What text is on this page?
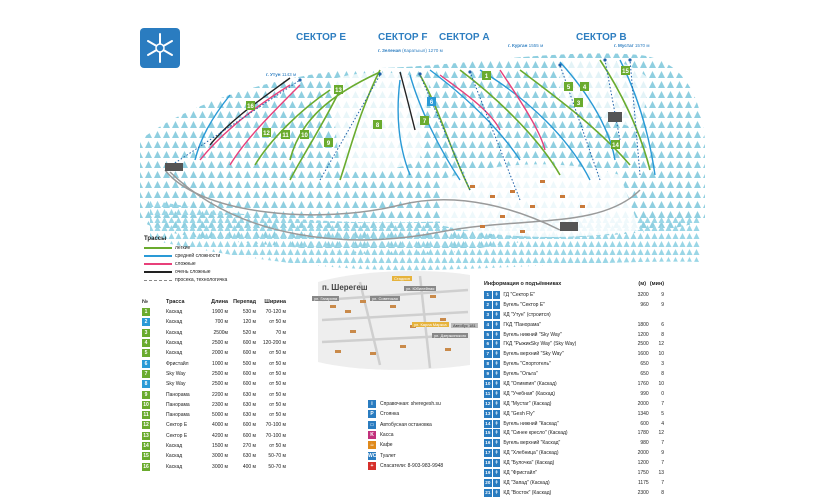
16
13
12 11 10
9
8
7
6
1
5 4
3
14
15
СЕКТОР Е	СЕКТОР F СЕКТОР А	СЕКТОР В
г. Зеленая (Каратыыл) 1270 м
г. Курган 1555 м	г. Мустаг 1570 м
г. Утун 1143 м
Трассы
легкие
средней сложности
сложные
очень сложные
просека, технологичка
№	Трасса	Длина Перепад	Ширина
1	Каскад	1900 м	530 м	70-120 м
2	Каскад	700 м	120 м	от 50 м
3	Каскад	2500м	520 м	70 м
4	Каскад	2500 м	600 м	120-200 м
5	Каскад	2000 м	600 м	от 50 м
6	Фристайл	1000 м	500 м	от 50 м
7	Sky Way	2500 м	600 м	от 50 м
8	Sky Way	2500 м	600 м	от 50 м
9	Панорама	2200 м	630 м	от 50 м
10	Панорама	2300 м	630 м	от 50 м
11	Панорама	5000 м	630 м	от 50 м
12	Сектор Е	4000 м	600 м	70-100 м
13	Сектор Е	4200 м	600 м	70-100 м
14	Каскад	1500 м	270 м	от 50 м
15	Каскад	3000 м	630 м	50-70 м
16	Каскад	3000 м	400 м	50-70 м
п. Шерегеш
ул. Гагарина	ул. Советская
ул. Дзержинского
Стадион
ул. Карла Маркса	Автобус 181
ул. Юбилейная
i	Справочная: sheregesh.su
P	Стоянка
▭	Автобусная остановка
K	Касса
☕	Кафе
WC Туалет
+	Спасатели: 8-903-983-9948
Информация о подъёмниках	(м) (мин)
1	↟ ГД "Сектор Е"	3200	9
2	↟ Бугель "Сектор Е"	960	9
3	↟ КД "Утун" (строится)
4	↟ ГКД "Панорама"	1800	6
5	↟ Бугель нижний "Sky Way"	1200	8
6	↟ ГКД "РыжикSky Way" (Sky Way)	2500	12
7	↟ Бугель верхний "Sky Way"	1600	10
8	↟ Бугель "Спортотель"	650	3
9	↟ Бугель "Ольга"	650	8
10 ↟ КД "Олимпия" (Каскад)	1760	10
11 ↟ КД "Учебная" (Каскад)	990	0
12 ↟ КД "Мустаг" (Каскад)	2000	7
13 ↟ КД "Gesh Fly"	1340	5
14 ↟ Бугель нижний "Каскад"	600	4
15 ↟ КД "Синее кресло" (Каскад)	1780	12
16 ↟ Бугель верхний "Каскад"	980	7
17 ↟ КД "Хлебница" (Каскад)	2000	9
18 ↟ КД "Булочка" (Каскад)	1200	7
19 ↟ КД "Фристайл"	1750	13
20 ↟ КД "Запад" (Каскад)	1175	7
21 ↟ КД "Восток" (Каскад)	2300	8
